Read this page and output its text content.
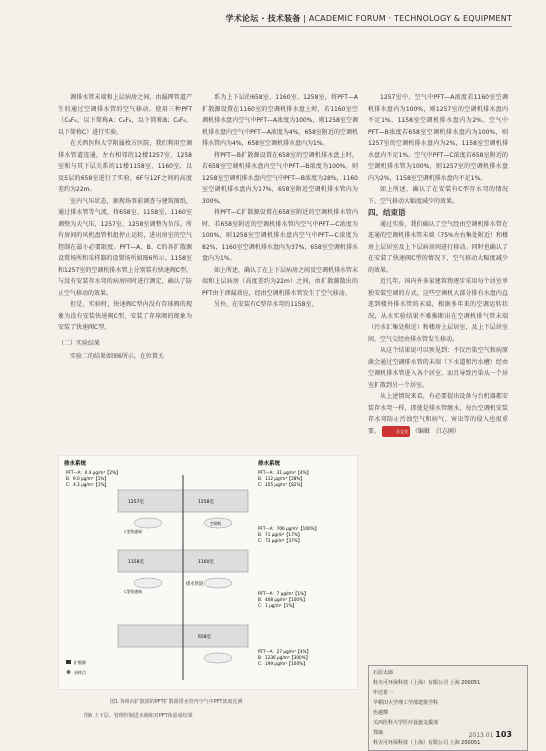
学术论坛 · 技术装备 | ACADEMIC FORUM · TECHNOLOGY & EQUIPMENT

调排水管末端和上层病房之间，由漏网管道产生的通过空调排水管的空气移动。使用三种PFT（C₆F₆，以下简称A；C₆F₆，以下简称B；C₆F₆，以下简称C）进行实验。

在关西医科大学附属枚方医院，我们利用空调排水管道连通，左右相邻的12楼1257室、1258室和与其下层关系的11楼1158室、1160室，以及5层的658室进行了实验，6F与12F之间的高度差约为22m。

室内气压状态，据现场事前调查与建筑图纸，通过排水管等气流，将658室、1158室、1160室调整为大气压，1257室、1258室调整为负压。所有房间的风机盘管机组停止运转，进出房室的空气控制在最小必要限度。PFT—A、B、C的各扩散源设置场所和采样器的设置场所如图6所示。1158室和1257室的空调机排水管上分别装有快速阀C型，与没有安装存水弯的病房同时进行测定，确认了防止空气移动的效果。

但是，实验时，快速阀C型内没有存球阀的现象为没有安装快速阀C型，安装了存球阀的现象为安装了快速阀C型。

（二）实验结果

实验二的结果如图6所示，在位置关

系为上下层的658室、1160室、1258室，将PFT—A扩散源设置在1160室的空调机排水盘上时，若1160室空调机排水盘内空气中PFT—A浓度为100%，则1258室空调机排水盘内空气中PFT—A浓度为4%，658室附近的空调机排水管内为4%，658室空调机排水盘内为1%。

将PFT—B扩散源设置在658室的空调机排水盘上时，若658室空调机排水盘内空气中PFT—B浓度为100%，则1258室空调机排水盘内空气中PFT—B浓度为28%，1160室空调机排水盘内为17%，658室附近空调机排水管内为300%。

将PFT—C扩散源设置在658室附近的空调机排水管内时，若658室附近的空调机排水管内空气中PFT—C浓度为100%，则1258室空调机排水盘内空气中PFT—C浓度为82%，1160室空调机排水盘内为37%，658室空调机排水盘内为1%。

如上所述，确认了在上下层病房之间及空调机排水管末端和上层病房（高度差约为22m）之间，由扩散源散出的PFT由于泄漏效应，经由空调机排水管发生了空气移动。

另外，在安装有C型存水弯的1158室、

1257室中，空气中PFT—A浓度若1160室空调机排水盘内为100%，则1257室的空调机排水盘内不足1%，1158室空调机排水盘内为2%。空气中PFT—B浓度若658室空调机排水盘内为100%，则1257室的空调机排水盘内为2%，1158室空调机排水盘内不足1%。空气中PFT—C浓度若658室附近的空调机排水管为100%，则1257室的空调机排水盘内为2%，1158室空调机排水盘内不足1%。

如上所述，确认了在安装有C型存水弯的情况下，空气移动大幅度减少的效果。

四、结束语

通过实验，我们确认了空气经由空调机排水管在连通的空调机排水管末端（75%左右集处附近）和楼房上层居室及上下层病房间进行移动。同时也确认了在安装了快速阀C型的情况下，空气移动大幅度减少的效果。

近几年，国内外多家建筑物逐步采用每个居室单独安装空调的方式，这些空调机大部分排有水盘内直连到楼外排水管的末端，根据多年来的空调运转状况，从水实验结果不难推断出在空调机排气管末端（污水汇集处附近）和楼房上层居室，及上下层居室间，空气交经由排水管发生移动。

从这个结果说可以预见到：不仅污染空气和病原菌会通过空调排水管的末端（下水道和污水槽）经由空调机排水管进入各个居室，而且导致污染从一个居室扩散到另一个居室。

从上述情况来看，有必要提出设备与台机器都安装存水弯一样，即使是排水管继水，每台空调机安装存水弯防止污浊空气和病气、害虫等的侵入也很重要。	全文完 （编辑　吕志刚）

石原太郎
科夫可环保科技（上海）有限公司 上海 200051
申达希一
早稻田大学理工学部建筑学科
色越輝
关西医科大学医疗设施支援部
郑瑜
科夫可环保科技（上海）有限公司 上海 200051
排水系统	排水系统
PFT—A：0.4 μg/m³【2%】
B：9.0 μg/m³【1%】
C：4.2 μg/m³【1%】
PFT—A：31 μg/m³【4%】
B：112 μg/m³【28%】
C：155 μg/m³【82%】
PFT—A：706 μg/m³【100%】
B：71 μg/m³【17%】
C：73 μg/m³【37%】
PFT—A：7 μg/m³【1%】
B：408 μg/m³【100%】
C：1 μg/m³【1%】
PFT—A：27 μg/m³【4%】
B：1236 μg/m³【300%】
C：199 μg/m³【100%】
1257室	1258室
1158室	1160室
658室
排水管道
空调机
C型快速阀
C型快速阀
扩散源
采样点
图1 各组向扩散源的PFT扩散源排水管内空气中PFT浓度比例
图6 上下层、管理控制进水阀和对PFT体验成结果
2013.01 103
